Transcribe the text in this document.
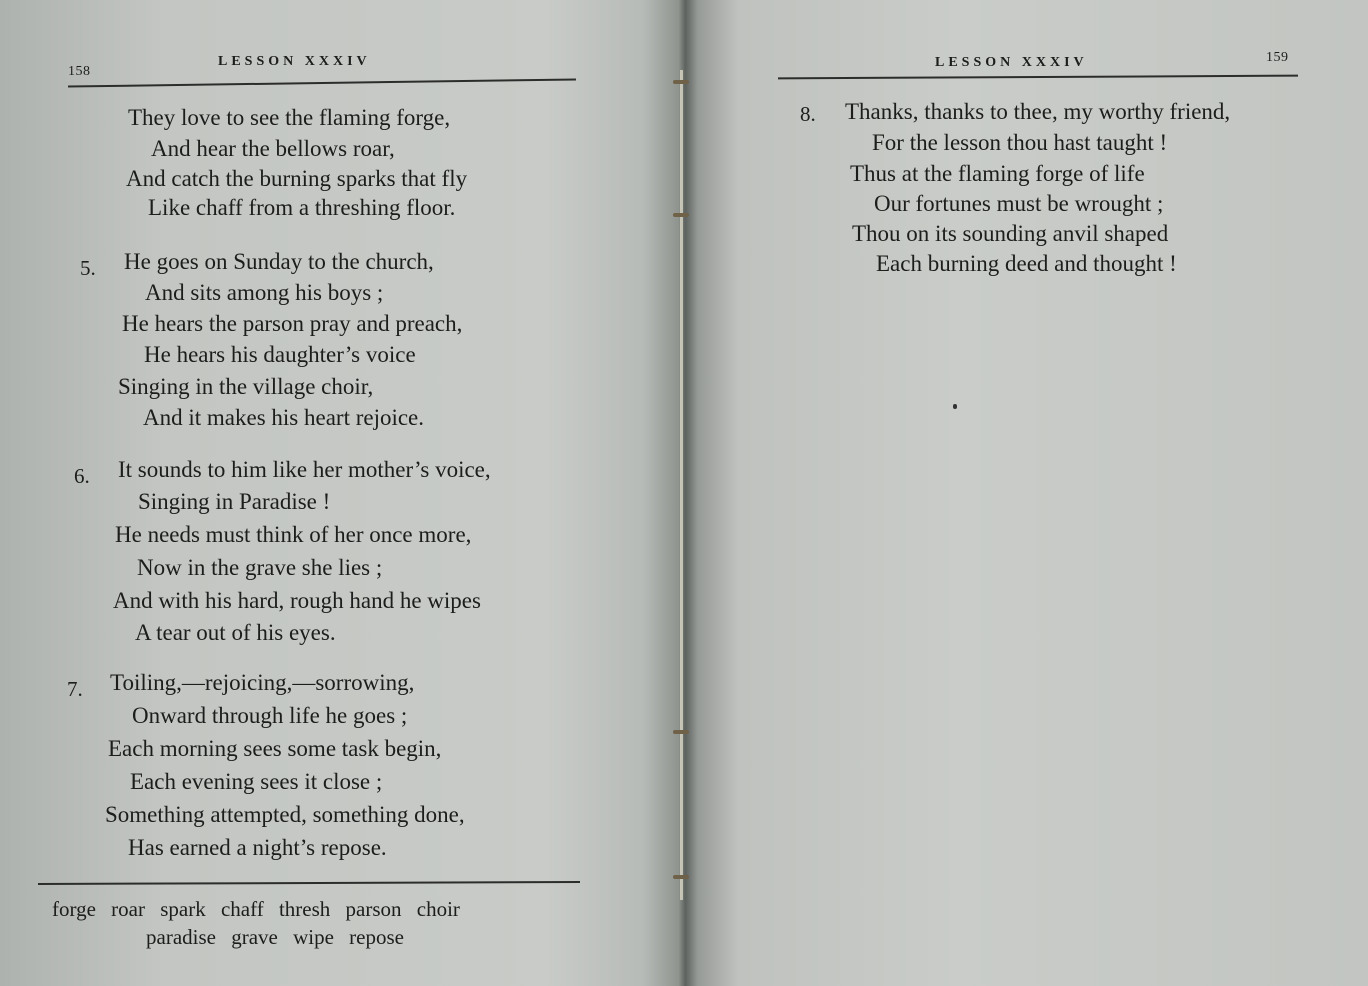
158
LESSON XXXIV
They love to see the flaming forge,
And hear the bellows roar,
And catch the burning sparks that fly
Like chaff from a threshing floor.
5. He goes on Sunday to the church,
And sits among his boys ;
He hears the parson pray and preach,
He hears his daughter’s voice
Singing in the village choir,
And it makes his heart rejoice.
6. It sounds to him like her mother’s voice,
Singing in Paradise !
He needs must think of her once more,
Now in the grave she lies ;
And with his hard, rough hand he wipes
A tear out of his eyes.
7. Toiling,—rejoicing,—sorrowing,
Onward through life he goes ;
Each morning sees some task begin,
Each evening sees it close ;
Something attempted, something done,
Has earned a night’s repose.
forge roar spark chaff thresh parson choir
paradise grave wipe repose
LESSON XXXIV	159
8. Thanks, thanks to thee, my worthy friend,
For the lesson thou hast taught !
Thus at the flaming forge of life
Our fortunes must be wrought ;
Thou on its sounding anvil shaped
Each burning deed and thought !
